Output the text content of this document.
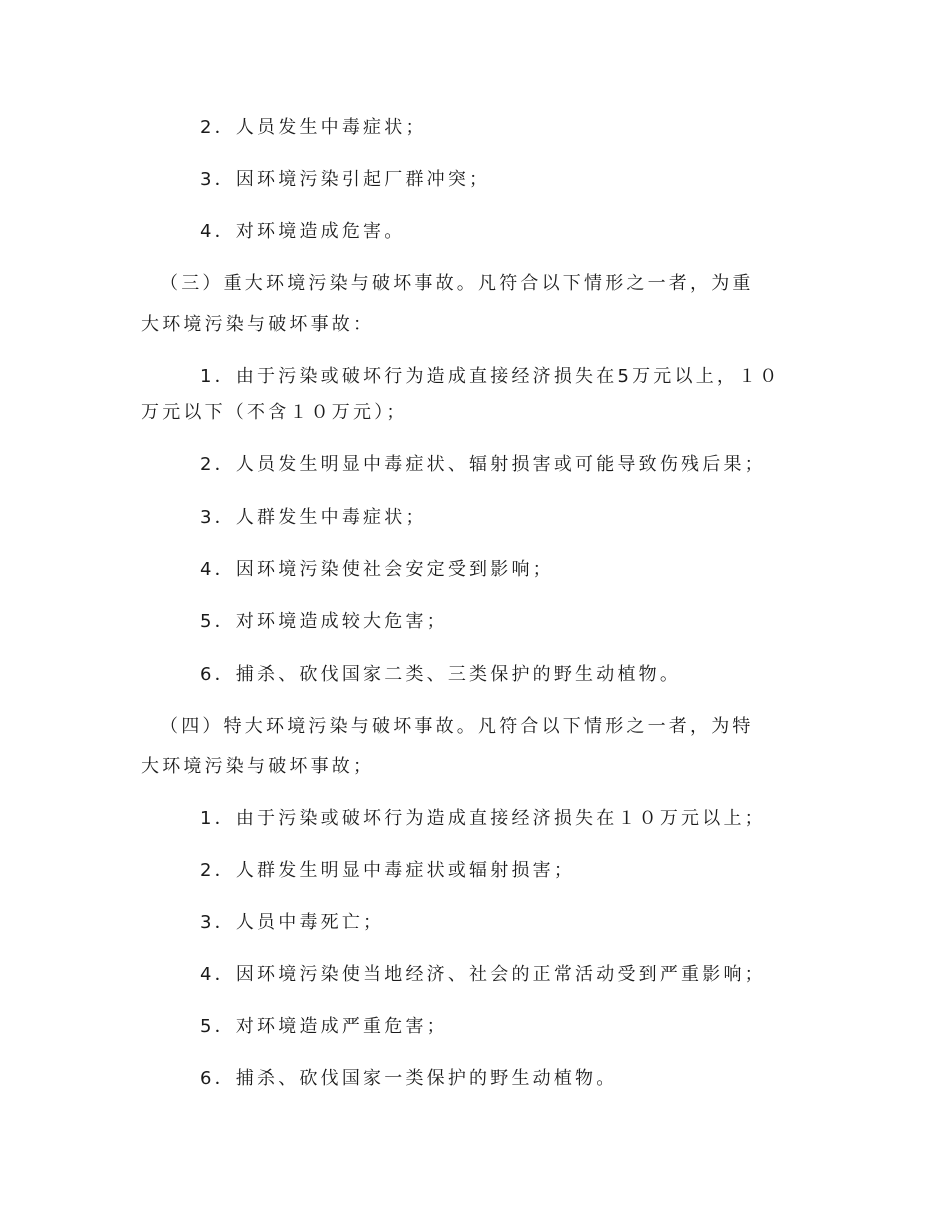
2．人员发生中毒症状；
3．因环境污染引起厂群冲突；
4．对环境造成危害。
（三）重大环境污染与破坏事故。凡符合以下情形之一者，为重
大环境污染与破坏事故：
1．由于污染或破坏行为造成直接经济损失在5万元以上，１０
万元以下（不含１０万元）；
2．人员发生明显中毒症状、辐射损害或可能导致伤残后果；
3．人群发生中毒症状；
4．因环境污染使社会安定受到影响；
5．对环境造成较大危害；
6．捕杀、砍伐国家二类、三类保护的野生动植物。
（四）特大环境污染与破坏事故。凡符合以下情形之一者，为特
大环境污染与破坏事故；
1．由于污染或破坏行为造成直接经济损失在１０万元以上；
2．人群发生明显中毒症状或辐射损害；
3．人员中毒死亡；
4．因环境污染使当地经济、社会的正常活动受到严重影响；
5．对环境造成严重危害；
6．捕杀、砍伐国家一类保护的野生动植物。
